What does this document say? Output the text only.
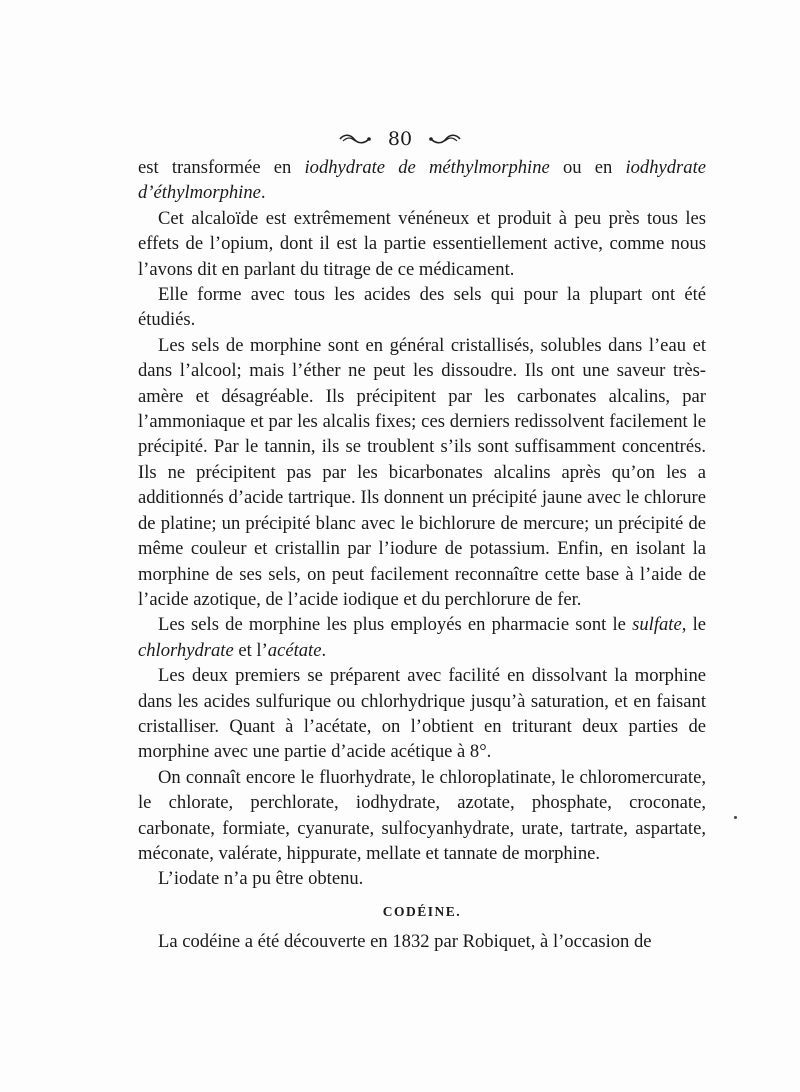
80

est transformée en iodhydrate de méthylmorphine ou en iodhydrate d’éthylmorphine.

Cet alcaloïde est extrêmement vénéneux et produit à peu près tous les effets de l’opium, dont il est la partie essentiellement active, comme nous l’avons dit en parlant du titrage de ce médicament.

Elle forme avec tous les acides des sels qui pour la plupart ont été étudiés.

Les sels de morphine sont en général cristallisés, solubles dans l’eau et dans l’alcool; mais l’éther ne peut les dissoudre. Ils ont une saveur très-amère et désagréable. Ils précipitent par les carbonates alcalins, par l’ammoniaque et par les alcalis fixes; ces derniers redissolvent facilement le précipité. Par le tannin, ils se troublent s’ils sont suffisamment concentrés. Ils ne précipitent pas par les bicarbonates alcalins après qu’on les a additionnés d’acide tartrique. Ils donnent un précipité jaune avec le chlorure de platine; un précipité blanc avec le bichlorure de mercure; un précipité de même couleur et cristallin par l’iodure de potassium. Enfin, en isolant la morphine de ses sels, on peut facilement reconnaître cette base à l’aide de l’acide azotique, de l’acide iodique et du perchlorure de fer.

Les sels de morphine les plus employés en pharmacie sont le sulfate, le chlorhydrate et l’acétate.

Les deux premiers se préparent avec facilité en dissolvant la morphine dans les acides sulfurique ou chlorhydrique jusqu’à saturation, et en faisant cristalliser. Quant à l’acétate, on l’obtient en triturant deux parties de morphine avec une partie d’acide acétique à 8°.

On connaît encore le fluorhydrate, le chloroplatinate, le chloromercurate, le chlorate, perchlorate, iodhydrate, azotate, phosphate, croconate, carbonate, formiate, cyanurate, sulfocyanhydrate, urate, tartrate, aspartate, méconate, valérate, hippurate, mellate et tannate de morphine.

L’iodate n’a pu être obtenu.

CODÉINE.

La codéine a été découverte en 1832 par Robiquet, à l’occasion de
